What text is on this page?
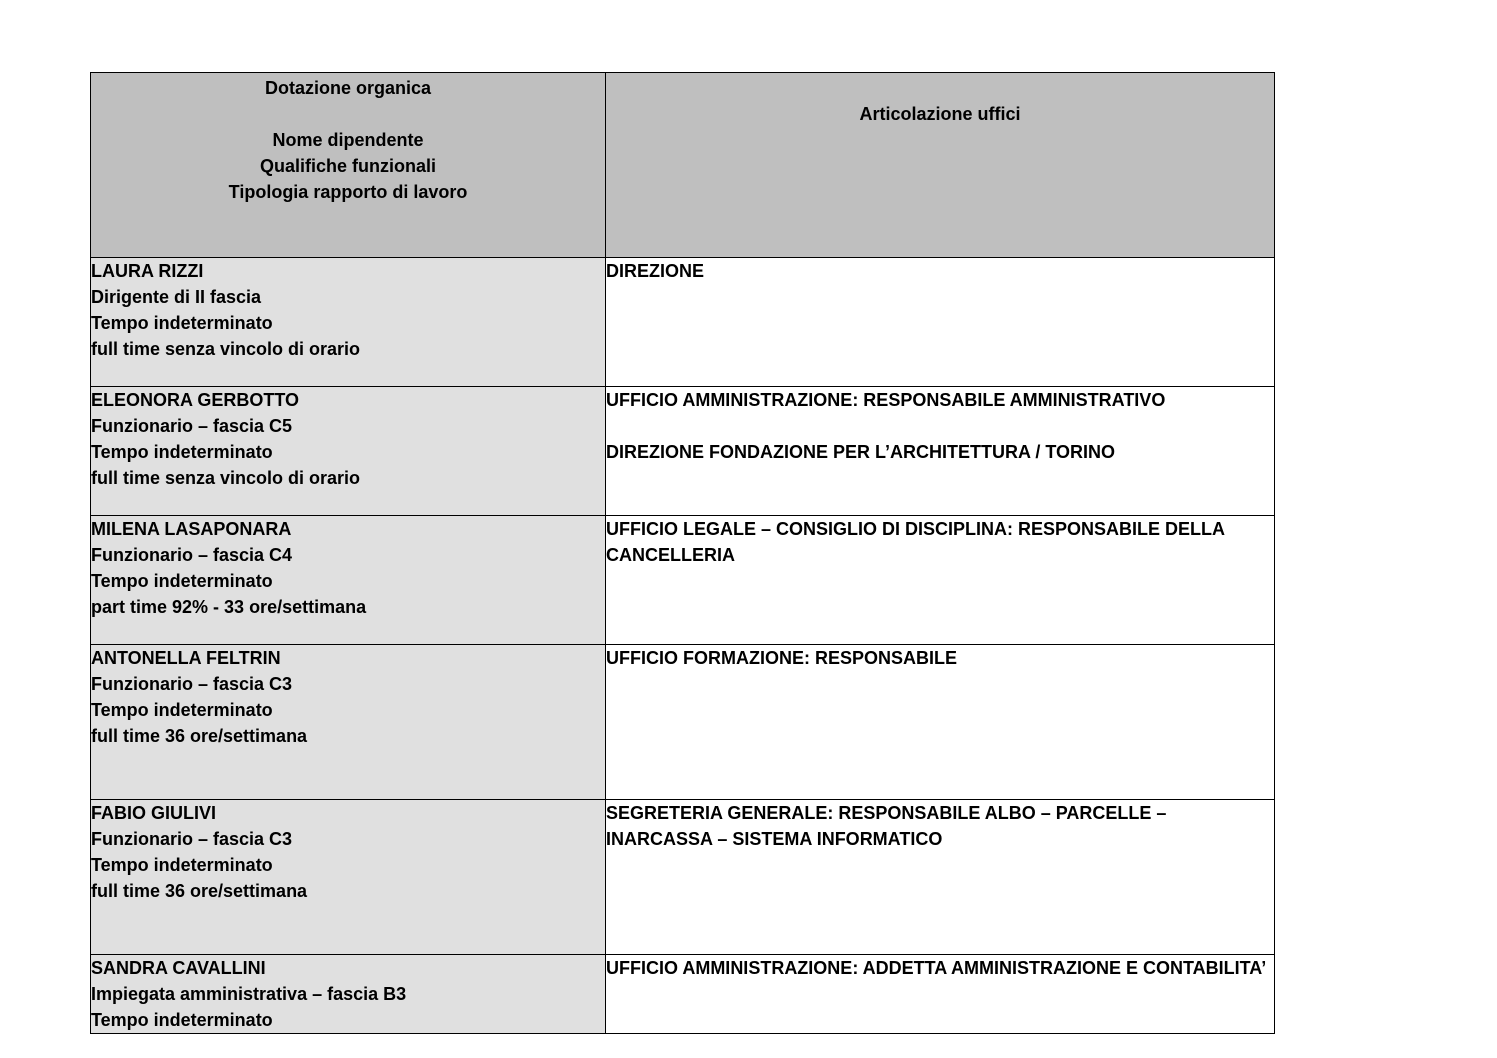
Dotazione organica
Nome dipendente
Qualifiche funzionali
Tipologia rapporto di lavoro	Articolazione uffici

LAURA RIZZI
Dirigente di II fascia
Tempo indeterminato
full time senza vincolo di orario	DIREZIONE

ELEONORA GERBOTTO
Funzionario – fascia C5
Tempo indeterminato
full time senza vincolo di orario	UFFICIO AMMINISTRAZIONE: RESPONSABILE AMMINISTRATIVO
DIREZIONE FONDAZIONE PER L’ARCHITETTURA / TORINO

MILENA LASAPONARA
Funzionario – fascia C4
Tempo indeterminato
part time 92% - 33 ore/settimana	UFFICIO LEGALE – CONSIGLIO DI DISCIPLINA: RESPONSABILE DELLA CANCELLERIA

ANTONELLA FELTRIN
Funzionario – fascia C3
Tempo indeterminato
full time 36 ore/settimana	UFFICIO FORMAZIONE: RESPONSABILE

FABIO GIULIVI
Funzionario – fascia C3
Tempo indeterminato
full time 36 ore/settimana	SEGRETERIA GENERALE: RESPONSABILE ALBO – PARCELLE – INARCASSA – SISTEMA INFORMATICO

SANDRA CAVALLINI
Impiegata amministrativa – fascia B3
Tempo indeterminato	UFFICIO AMMINISTRAZIONE: ADDETTA AMMINISTRAZIONE E CONTABILITA’
